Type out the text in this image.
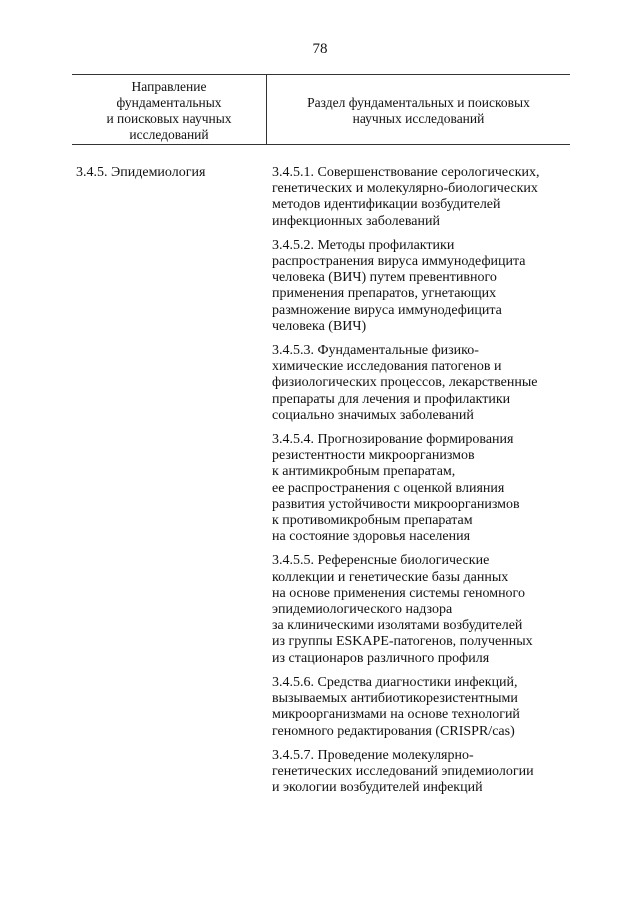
78
Направление
фундаментальных
и поисковых научных
исследований
Раздел фундаментальных и поисковых
научных исследований
3.4.5. Эпидемиология	3.4.5.1. Совершенствование серологических,
генетических и молекулярно-биологических
методов идентификации возбудителей
инфекционных заболеваний
3.4.5.2. Методы профилактики
распространения вируса иммунодефицита
человека (ВИЧ) путем превентивного
применения препаратов, угнетающих
размножение вируса иммунодефицита
человека (ВИЧ)
3.4.5.3. Фундаментальные физико-
химические исследования патогенов и
физиологических процессов, лекарственные
препараты для лечения и профилактики
социально значимых заболеваний
3.4.5.4. Прогнозирование формирования
резистентности микроорганизмов
к антимикробным препаратам,
ее распространения с оценкой влияния
развития устойчивости микроорганизмов
к противомикробным препаратам
на состояние здоровья населения
3.4.5.5. Референсные биологические
коллекции и генетические базы данных
на основе применения системы геномного
эпидемиологического надзора
за клиническими изолятами возбудителей
из группы ESKAPE-патогенов, полученных
из стационаров различного профиля
3.4.5.6. Средства диагностики инфекций,
вызываемых антибиотикорезистентными
микроорганизмами на основе технологий
геномного редактирования (CRISPR/cas)
3.4.5.7. Проведение молекулярно-
генетических исследований эпидемиологии
и экологии возбудителей инфекций
